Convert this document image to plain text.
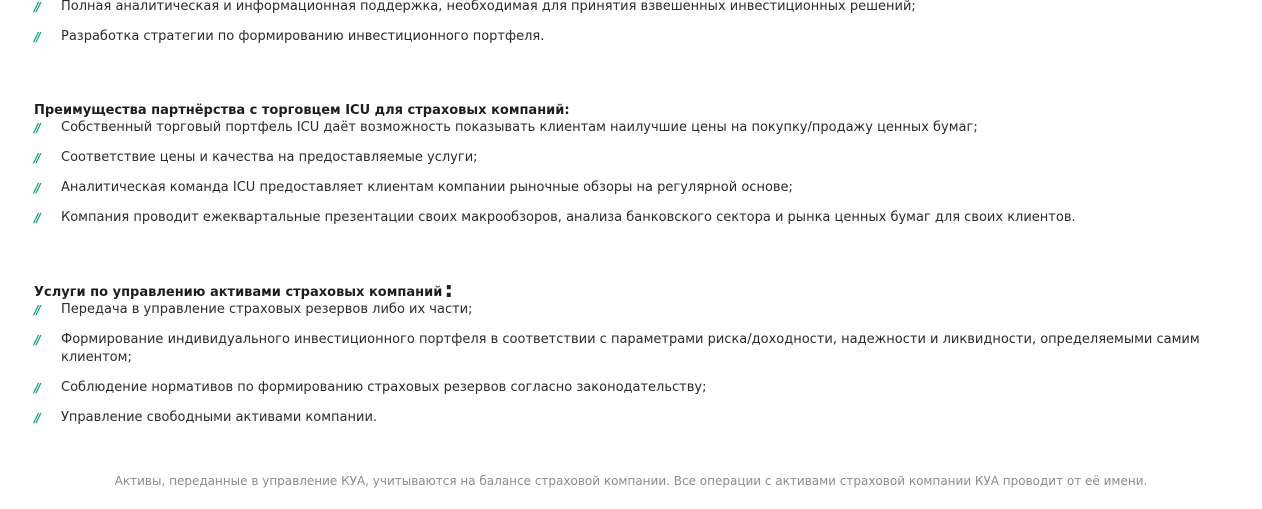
// Полная аналитическая и информационная поддержка, необходимая для принятия взвешенных инвестиционных решений;
// Разработка стратегии по формированию инвестиционного портфеля.
Преимущества партнёрства с торговцем ICU для страховых компаний:
// Собственный торговый портфель ICU даёт возможность показывать клиентам наилучшие цены на покупку/продажу ценных бумаг;
// Соответствие цены и качества на предоставляемые услуги;
// Аналитическая команда ICU предоставляет клиентам компании рыночные обзоры на регулярной основе;
// Компания проводит ежеквартальные презентации своих макрообзоров, анализа банковского сектора и рынка ценных бумаг для своих клиентов.
Услуги по управлению активами страховых компаний:
// Передача в управление страховых резервов либо их части;
// Формирование индивидуального инвестиционного портфеля в соответствии с параметрами риска/доходности, надежности и ликвидности, определяемыми самим клиентом;
// Соблюдение нормативов по формированию страховых резервов согласно законодательству;
// Управление свободными активами компании.

Активы, переданные в управление КУА, учитываются на балансе страховой компании. Все операции с активами страховой компании КУА проводит от её имени.
